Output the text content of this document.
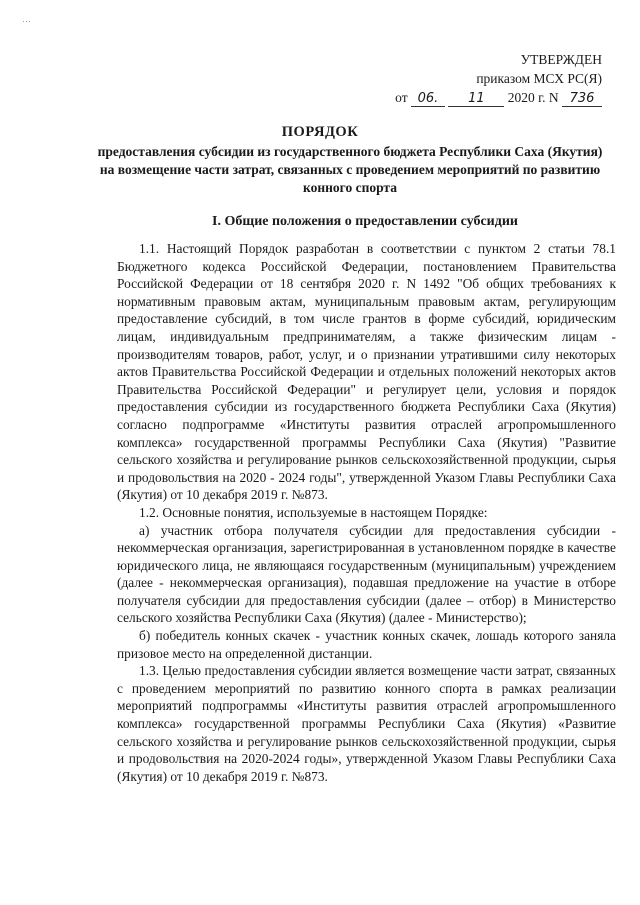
…
УТВЕРЖДЕН
приказом МСХ РС(Я)
от 06. 11 2020 г. N 736
ПОРЯДОК
предоставления субсидии из государственного бюджета Республики Саха (Якутия) на возмещение части затрат, связанных с проведением мероприятий по развитию конного спорта
I. Общие положения о предоставлении субсидии

1.1. Настоящий Порядок разработан в соответствии с пунктом 2 статьи 78.1 Бюджетного кодекса Российской Федерации, постановлением Правительства Российской Федерации от 18 сентября 2020 г. N 1492 "Об общих требованиях к нормативным правовым актам, муниципальным правовым актам, регулирующим предоставление субсидий, в том числе грантов в форме субсидий, юридическим лицам, индивидуальным предпринимателям, а также физическим лицам - производителям товаров, работ, услуг, и о признании утратившими силу некоторых актов Правительства Российской Федерации и отдельных положений некоторых актов Правительства Российской Федерации" и регулирует цели, условия и порядок предоставления субсидии из государственного бюджета Республики Саха (Якутия) согласно подпрограмме «Институты развития отраслей агропромышленного комплекса» государственной программы Республики Саха (Якутия) "Развитие сельского хозяйства и регулирование рынков сельскохозяйственной продукции, сырья и продовольствия на 2020 - 2024 годы", утвержденной Указом Главы Республики Саха (Якутия) от 10 декабря 2019 г. №873.

1.2. Основные понятия, используемые в настоящем Порядке:

а) участник отбора получателя субсидии для предоставления субсидии - некоммерческая организация, зарегистрированная в установленном порядке в качестве юридического лица, не являющаяся государственным (муниципальным) учреждением (далее - некоммерческая организация), подавшая предложение на участие в отборе получателя субсидии для предоставления субсидии (далее – отбор) в Министерство сельского хозяйства Республики Саха (Якутия) (далее - Министерство);

б) победитель конных скачек - участник конных скачек, лошадь которого заняла призовое место на определенной дистанции.

1.3. Целью предоставления субсидии является возмещение части затрат, связанных с проведением мероприятий по развитию конного спорта в рамках реализации мероприятий подпрограммы «Институты развития отраслей агропромышленного комплекса» государственной программы Республики Саха (Якутия) «Развитие сельского хозяйства и регулирование рынков сельскохозяйственной продукции, сырья и продовольствия на 2020-2024 годы», утвержденной Указом Главы Республики Саха (Якутия) от 10 декабря 2019 г. №873.
